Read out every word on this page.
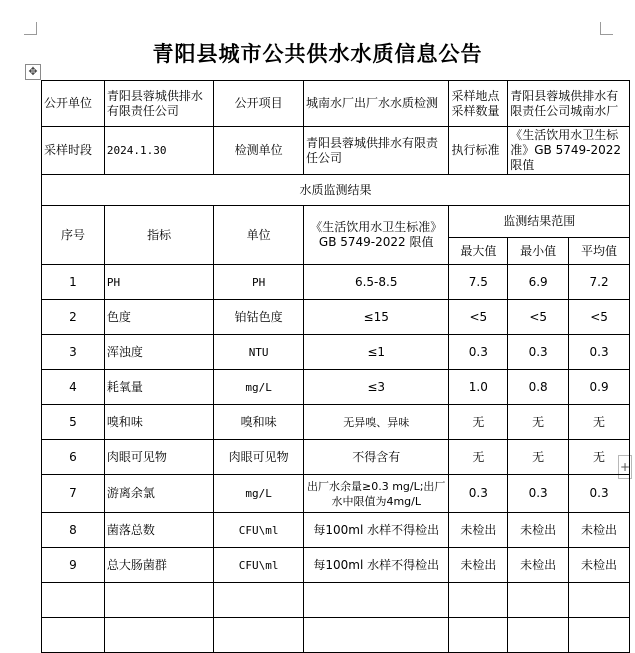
✥
+
青阳县城市公共供水水质信息公告
公开单位	青阳县蓉城供排水有限责任公司	公开项目	城南水厂出厂水水质检测	采样地点采样数量	青阳县蓉城供排水有限责任公司城南水厂	
采样时段	2024.1.30	检测单位	青阳县蓉城供排水有限责任公司	执行标准	《生活饮用水卫生标准》GB 5749-2022 限值	
水质监测结果						
序号	指标	单位	《生活饮用水卫生标准》GB 5749-2022 限值	监测结果范围		
				最大值	最小值	平均值
1	PH	PH	6.5-8.5	7.5	6.9	7.2
2	色度	铂钴色度	≤15	<5	<5	<5
3	浑浊度	NTU	≤1	0.3	0.3	0.3
4	耗氧量	mg/L	≤3	1.0	0.8	0.9
5	嗅和味	嗅和味	无异嗅、异味	无	无	无
6	肉眼可见物	肉眼可见物	不得含有	无	无	无
7	游离余氯	mg/L	出厂水余量≥0.3 mg/L;出厂水中限值为4mg/L	0.3	0.3	0.3
8	菌落总数	CFU\ml	每100ml 水样不得检出	未检出	未检出	未检出
9	总大肠菌群	CFU\ml	每100ml 水样不得检出	未检出	未检出	未检出
